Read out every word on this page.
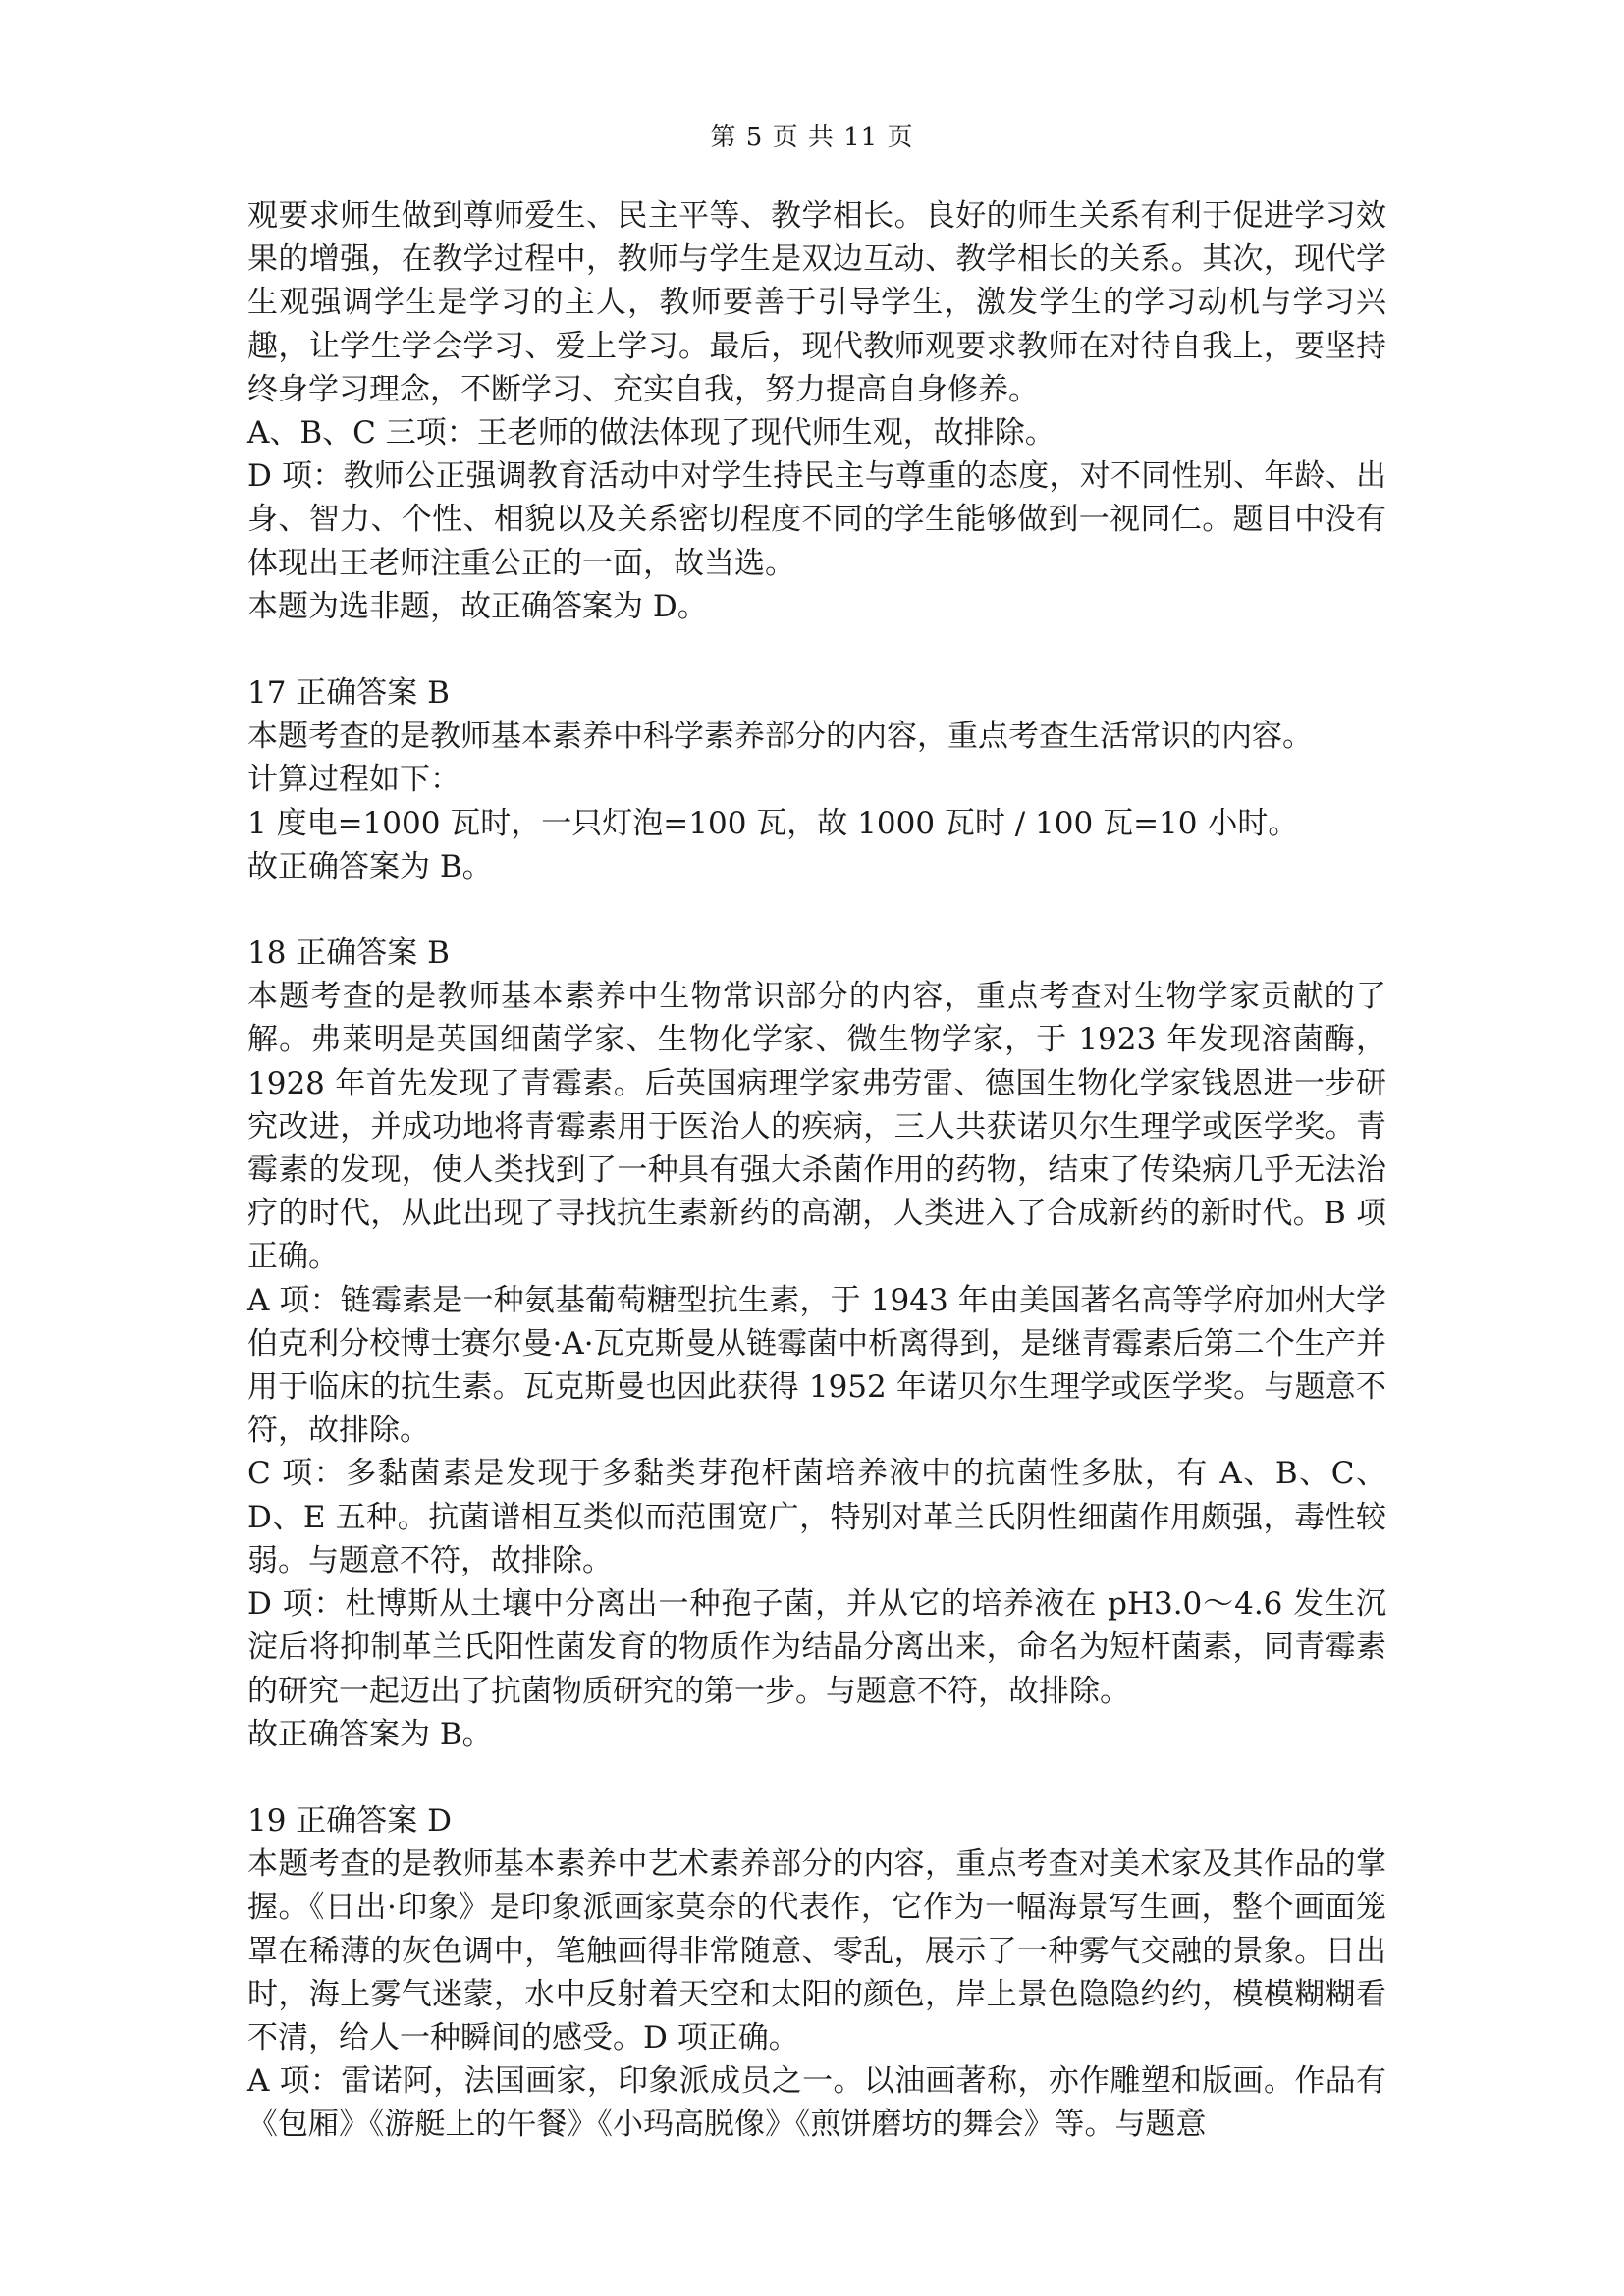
第 5 页 共 11 页

观要求师生做到尊师爱生、民主平等、教学相长。良好的师生关系有利于促进学习效果的增强，在教学过程中，教师与学生是双边互动、教学相长的关系。其次，现代学生观强调学生是学习的主人，教师要善于引导学生，激发学生的学习动机与学习兴趣，让学生学会学习、爱上学习。最后，现代教师观要求教师在对待自我上，要坚持终身学习理念，不断学习、充实自我，努力提高自身修养。

A、B、C 三项：王老师的做法体现了现代师生观，故排除。

D 项：教师公正强调教育活动中对学生持民主与尊重的态度，对不同性别、年龄、出身、智力、个性、相貌以及关系密切程度不同的学生能够做到一视同仁。题目中没有体现出王老师注重公正的一面，故当选。

本题为选非题，故正确答案为 D。

17 正确答案 B

本题考查的是教师基本素养中科学素养部分的内容，重点考查生活常识的内容。

计算过程如下：

1 度电=1000 瓦时，一只灯泡=100 瓦，故 1000 瓦时 / 100 瓦=10 小时。

故正确答案为 B。

18 正确答案 B

本题考查的是教师基本素养中生物常识部分的内容，重点考查对生物学家贡献的了解。弗莱明是英国细菌学家、生物化学家、微生物学家，于 1923 年发现溶菌酶，1928 年首先发现了青霉素。后英国病理学家弗劳雷、德国生物化学家钱恩进一步研究改进，并成功地将青霉素用于医治人的疾病，三人共获诺贝尔生理学或医学奖。青霉素的发现，使人类找到了一种具有强大杀菌作用的药物，结束了传染病几乎无法治疗的时代，从此出现了寻找抗生素新药的高潮，人类进入了合成新药的新时代。B 项正确。

A 项：链霉素是一种氨基葡萄糖型抗生素，于 1943 年由美国著名高等学府加州大学伯克利分校博士赛尔曼·A·瓦克斯曼从链霉菌中析离得到，是继青霉素后第二个生产并用于临床的抗生素。瓦克斯曼也因此获得 1952 年诺贝尔生理学或医学奖。与题意不符，故排除。

C 项：多黏菌素是发现于多黏类芽孢杆菌培养液中的抗菌性多肽，有 A、B、C、D、E 五种。抗菌谱相互类似而范围宽广，特别对革兰氏阴性细菌作用颇强，毒性较弱。与题意不符，故排除。

D 项：杜博斯从土壤中分离出一种孢子菌，并从它的培养液在 pH3.0～4.6 发生沉淀后将抑制革兰氏阳性菌发育的物质作为结晶分离出来，命名为短杆菌素，同青霉素的研究一起迈出了抗菌物质研究的第一步。与题意不符，故排除。

故正确答案为 B。

19 正确答案 D

本题考查的是教师基本素养中艺术素养部分的内容，重点考查对美术家及其作品的掌握。《日出·印象》是印象派画家莫奈的代表作，它作为一幅海景写生画，整个画面笼罩在稀薄的灰色调中，笔触画得非常随意、零乱，展示了一种雾气交融的景象。日出时，海上雾气迷蒙，水中反射着天空和太阳的颜色，岸上景色隐隐约约，模模糊糊看不清，给人一种瞬间的感受。D 项正确。

A 项：雷诺阿，法国画家，印象派成员之一。以油画著称，亦作雕塑和版画。作品有《包厢》《游艇上的午餐》《小玛高脱像》《煎饼磨坊的舞会》等。与题意
